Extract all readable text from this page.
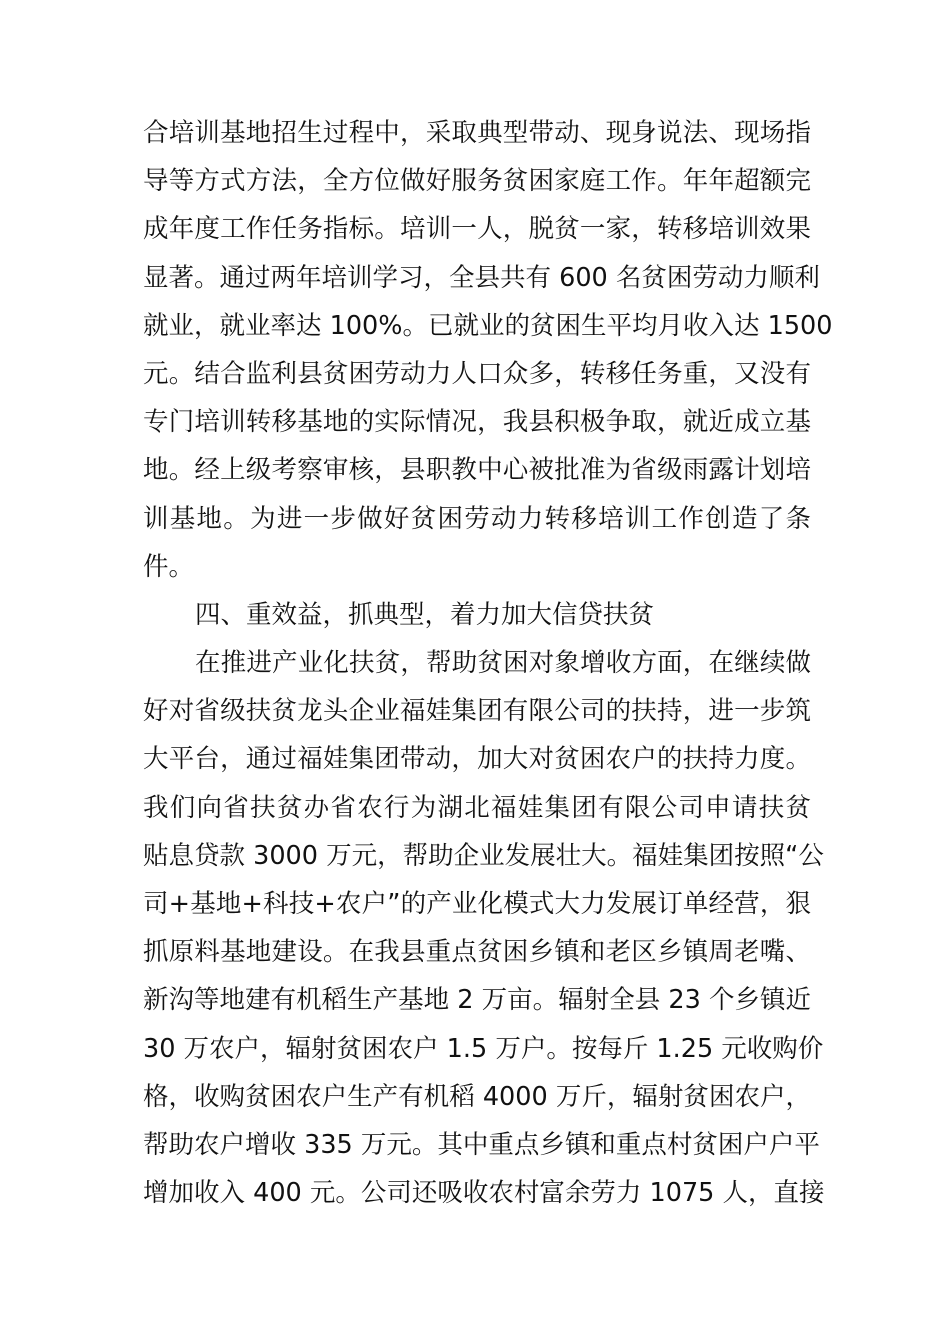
合培训基地招生过程中，采取典型带动、现身说法、现场指

导等方式方法，全方位做好服务贫困家庭工作。年年超额完

成年度工作任务指标。培训一人，脱贫一家，转移培训效果

显著。通过两年培训学习，全县共有 600 名贫困劳动力顺利

就业，就业率达 100%。已就业的贫困生平均月收入达 1500

元。结合监利县贫困劳动力人口众多，转移任务重，又没有

专门培训转移基地的实际情况，我县积极争取，就近成立基

地。经上级考察审核，县职教中心被批准为省级雨露计划培

训基地。为进一步做好贫困劳动力转移培训工作创造了条

件。

四、重效益，抓典型，着力加大信贷扶贫

在推进产业化扶贫，帮助贫困对象增收方面，在继续做

好对省级扶贫龙头企业福娃集团有限公司的扶持，进一步筑

大平台，通过福娃集团带动，加大对贫困农户的扶持力度。

我们向省扶贫办省农行为湖北福娃集团有限公司申请扶贫

贴息贷款 3000 万元，帮助企业发展壮大。福娃集团按照“公

司+基地+科技+农户”的产业化模式大力发展订单经营，狠

抓原料基地建设。在我县重点贫困乡镇和老区乡镇周老嘴、

新沟等地建有机稻生产基地 2 万亩。辐射全县 23 个乡镇近

30 万农户，辐射贫困农户 1.5 万户。按每斤 1.25 元收购价

格，收购贫困农户生产有机稻 4000 万斤，辐射贫困农户，

帮助农户增收 335 万元。其中重点乡镇和重点村贫困户户平

增加收入 400 元。公司还吸收农村富余劳力 1075 人，直接
